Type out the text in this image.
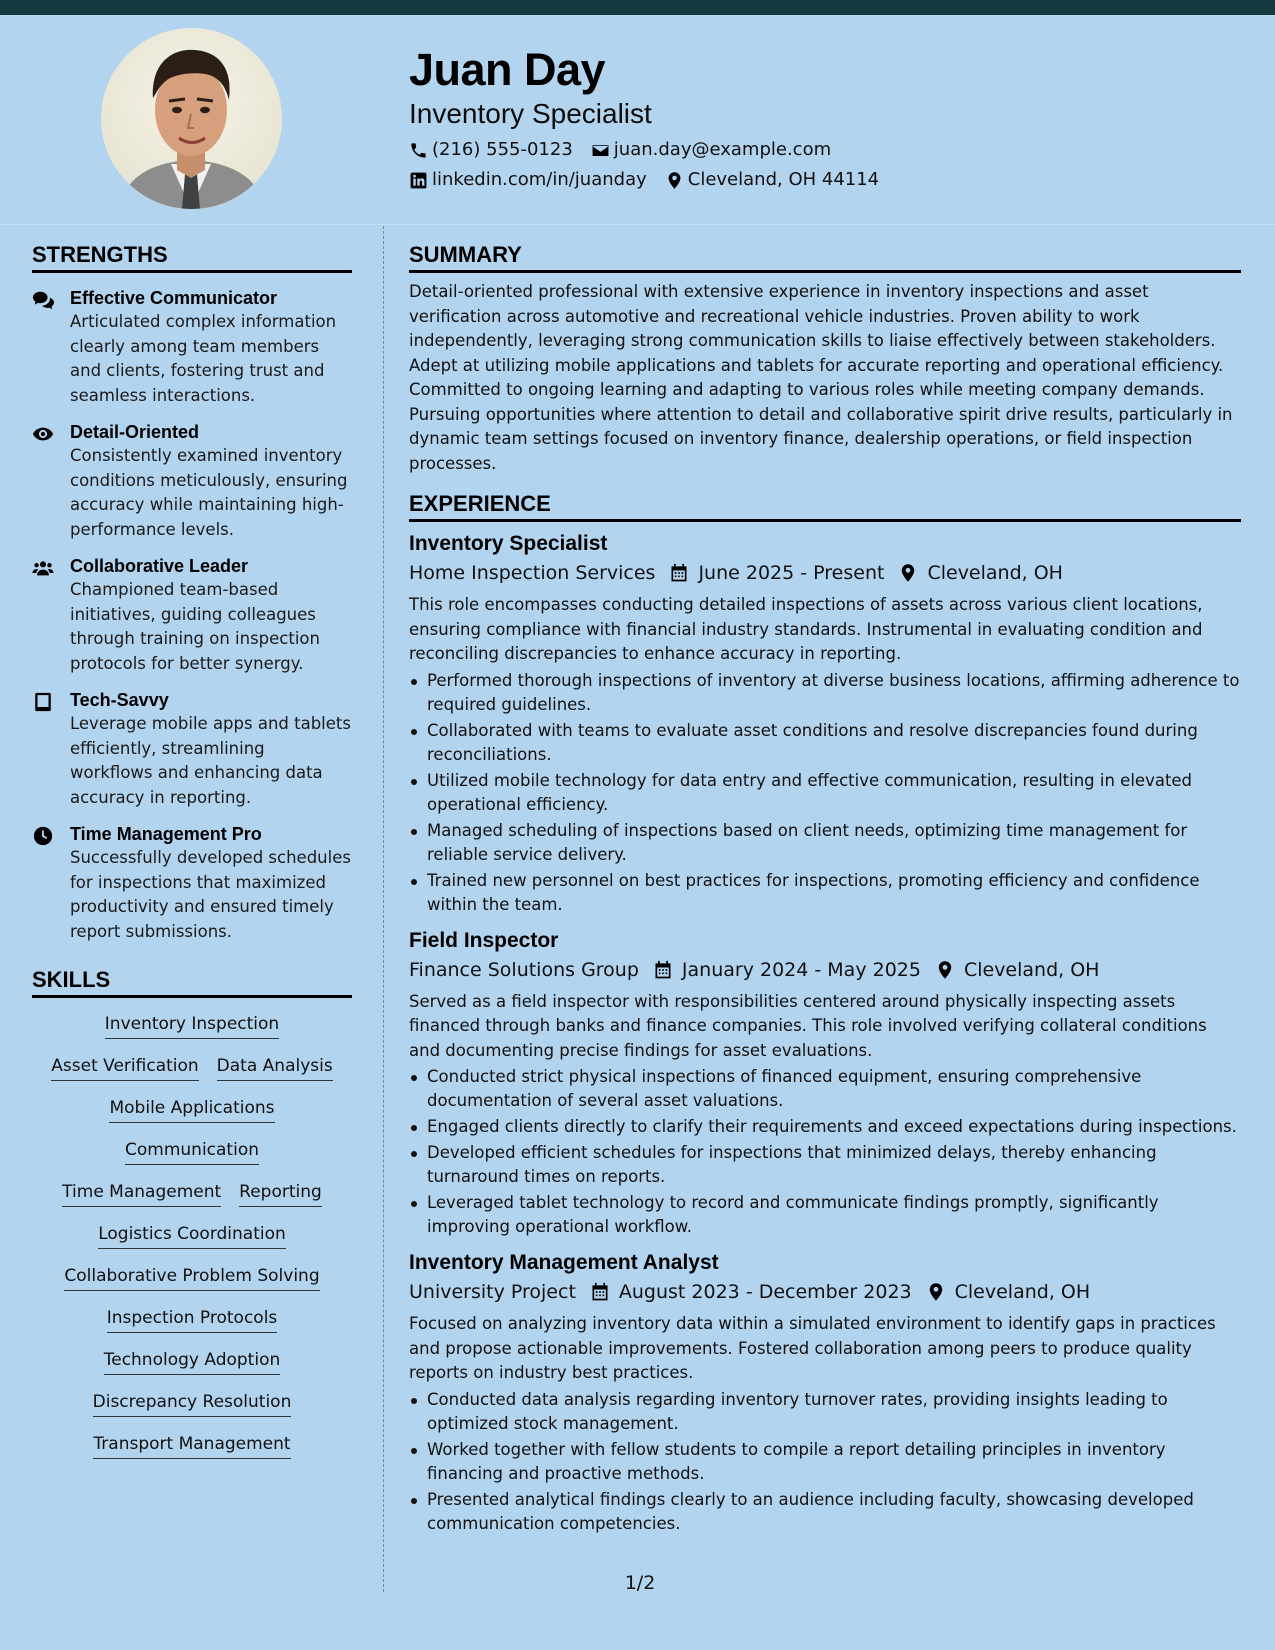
Juan Day
Inventory Specialist
(216) 555-0123 juan.day@example.com
linkedin.com/in/juanday Cleveland, OH 44114
STRENGTHS
Effective Communicator
Articulated complex information clearly among team members and clients, fostering trust and seamless interactions.
Detail-Oriented
Consistently examined inventory conditions meticulously, ensuring accuracy while maintaining high-performance levels.
Collaborative Leader
Championed team-based initiatives, guiding colleagues through training on inspection protocols for better synergy.
Tech-Savvy
Leverage mobile apps and tablets efficiently, streamlining workflows and enhancing data accuracy in reporting.
Time Management Pro
Successfully developed schedules for inspections that maximized productivity and ensured timely report submissions.
SKILLS
Inventory Inspection
Asset Verification Data Analysis
Mobile Applications
Communication
Time Management Reporting
Logistics Coordination
Collaborative Problem Solving
Inspection Protocols
Technology Adoption
Discrepancy Resolution
Transport Management
SUMMARY
Detail-oriented professional with extensive experience in inventory inspections and asset verification across automotive and recreational vehicle industries. Proven ability to work independently, leveraging strong communication skills to liaise effectively between stakeholders. Adept at utilizing mobile applications and tablets for accurate reporting and operational efficiency. Committed to ongoing learning and adapting to various roles while meeting company demands. Pursuing opportunities where attention to detail and collaborative spirit drive results, particularly in dynamic team settings focused on inventory finance, dealership operations, or field inspection processes.
EXPERIENCE
Inventory Specialist
Home Inspection Services June 2025 - Present Cleveland, OH
This role encompasses conducting detailed inspections of assets across various client locations, ensuring compliance with financial industry standards. Instrumental in evaluating condition and reconciling discrepancies to enhance accuracy in reporting.
Performed thorough inspections of inventory at diverse business locations, affirming adherence to required guidelines.
Collaborated with teams to evaluate asset conditions and resolve discrepancies found during reconciliations.
Utilized mobile technology for data entry and effective communication, resulting in elevated operational efficiency.
Managed scheduling of inspections based on client needs, optimizing time management for reliable service delivery.
Trained new personnel on best practices for inspections, promoting efficiency and confidence within the team.
Field Inspector
Finance Solutions Group January 2024 - May 2025 Cleveland, OH
Served as a field inspector with responsibilities centered around physically inspecting assets financed through banks and finance companies. This role involved verifying collateral conditions and documenting precise findings for asset evaluations.
Conducted strict physical inspections of financed equipment, ensuring comprehensive documentation of several asset valuations.
Engaged clients directly to clarify their requirements and exceed expectations during inspections.
Developed efficient schedules for inspections that minimized delays, thereby enhancing turnaround times on reports.
Leveraged tablet technology to record and communicate findings promptly, significantly improving operational workflow.
Inventory Management Analyst
University Project August 2023 - December 2023 Cleveland, OH
Focused on analyzing inventory data within a simulated environment to identify gaps in practices and propose actionable improvements. Fostered collaboration among peers to produce quality reports on industry best practices.
Conducted data analysis regarding inventory turnover rates, providing insights leading to optimized stock management.
Worked together with fellow students to compile a report detailing principles in inventory financing and proactive methods.
Presented analytical findings clearly to an audience including faculty, showcasing developed communication competencies.
1/2
